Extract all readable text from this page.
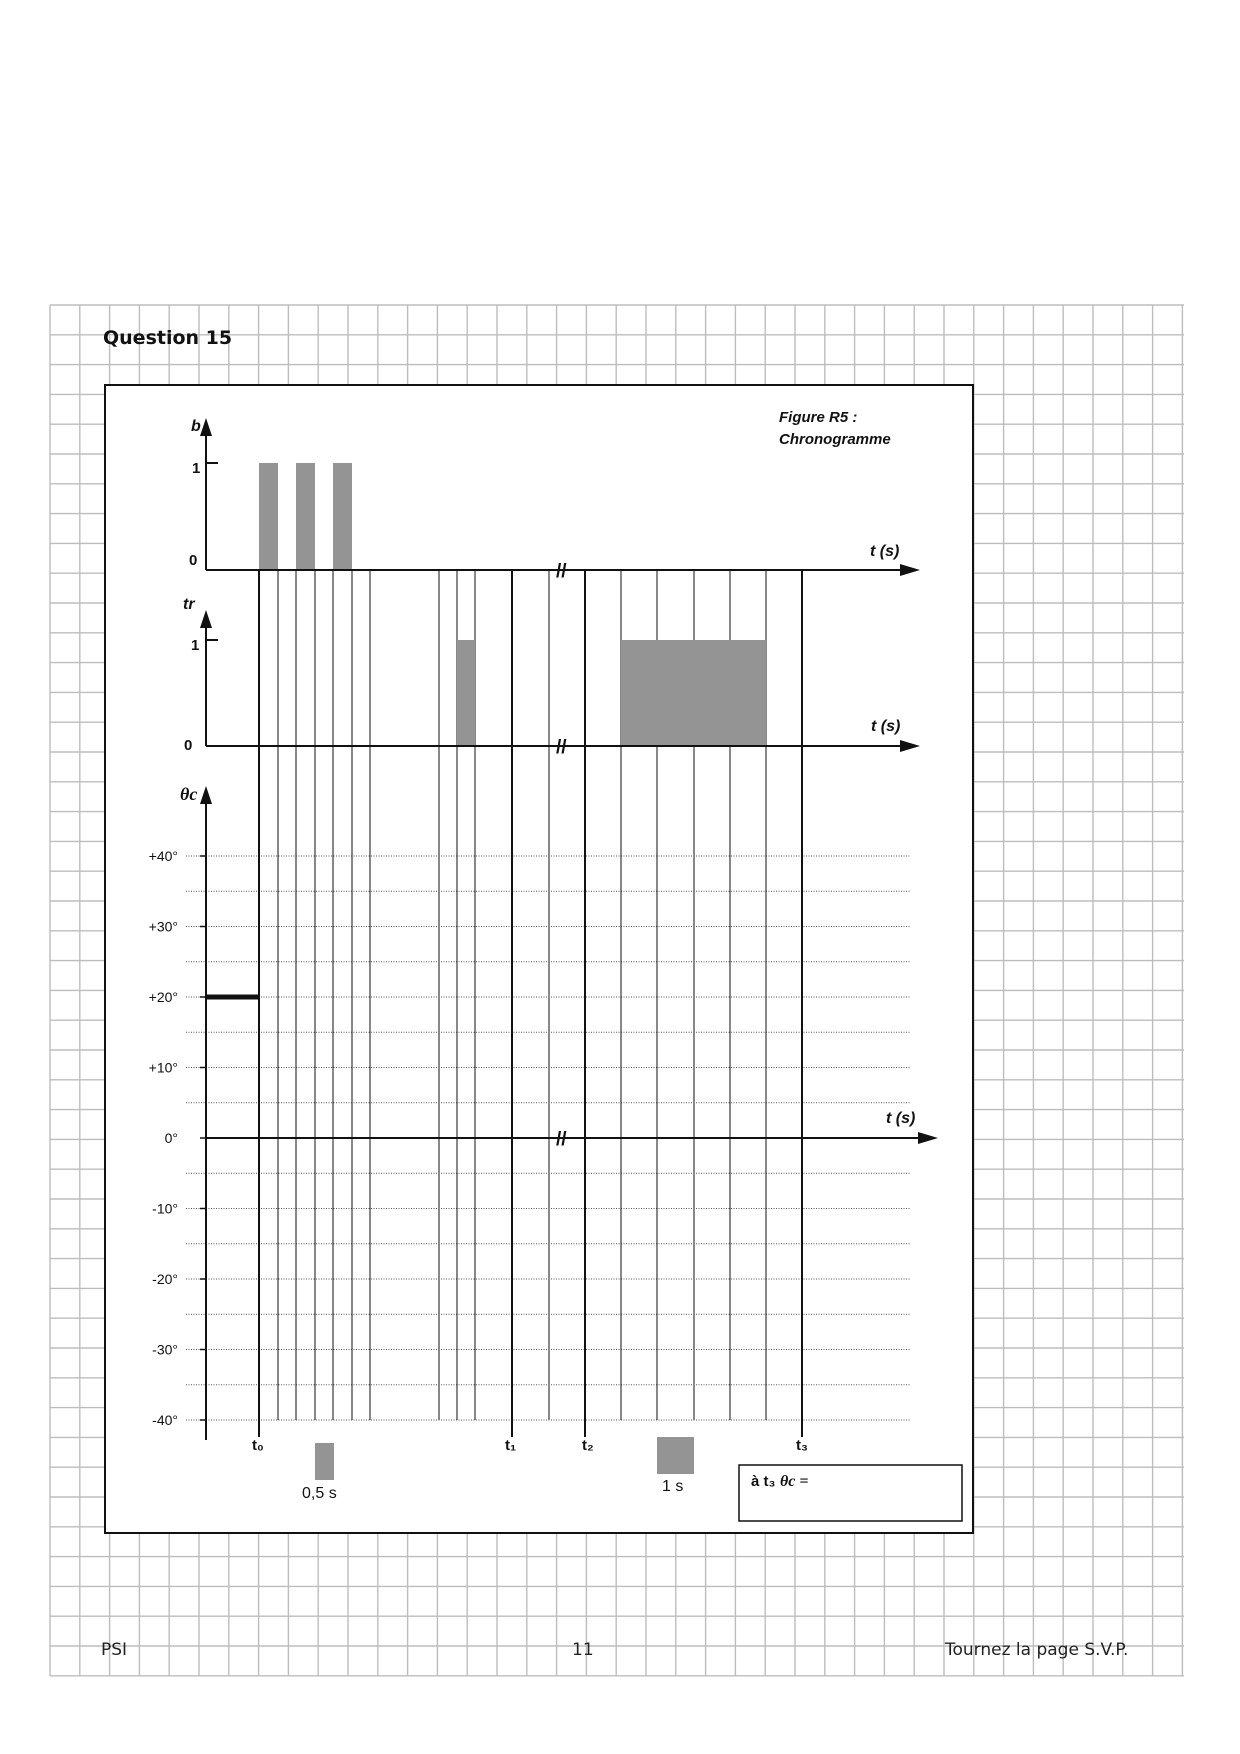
Figure R5 :
Chronogramme
b
1
0
t (s)
tr
1
0
t (s)
θc
t (s)
+40°
+30°
+20°
+10°
0°
-10°
-20°
-30°
-40°
//
//
//
t₀	t₁	t₂	t₃
0,5 s	1 s	à t₃ θc =
Question 15
PSI	11	Tournez la page S.V.P.
